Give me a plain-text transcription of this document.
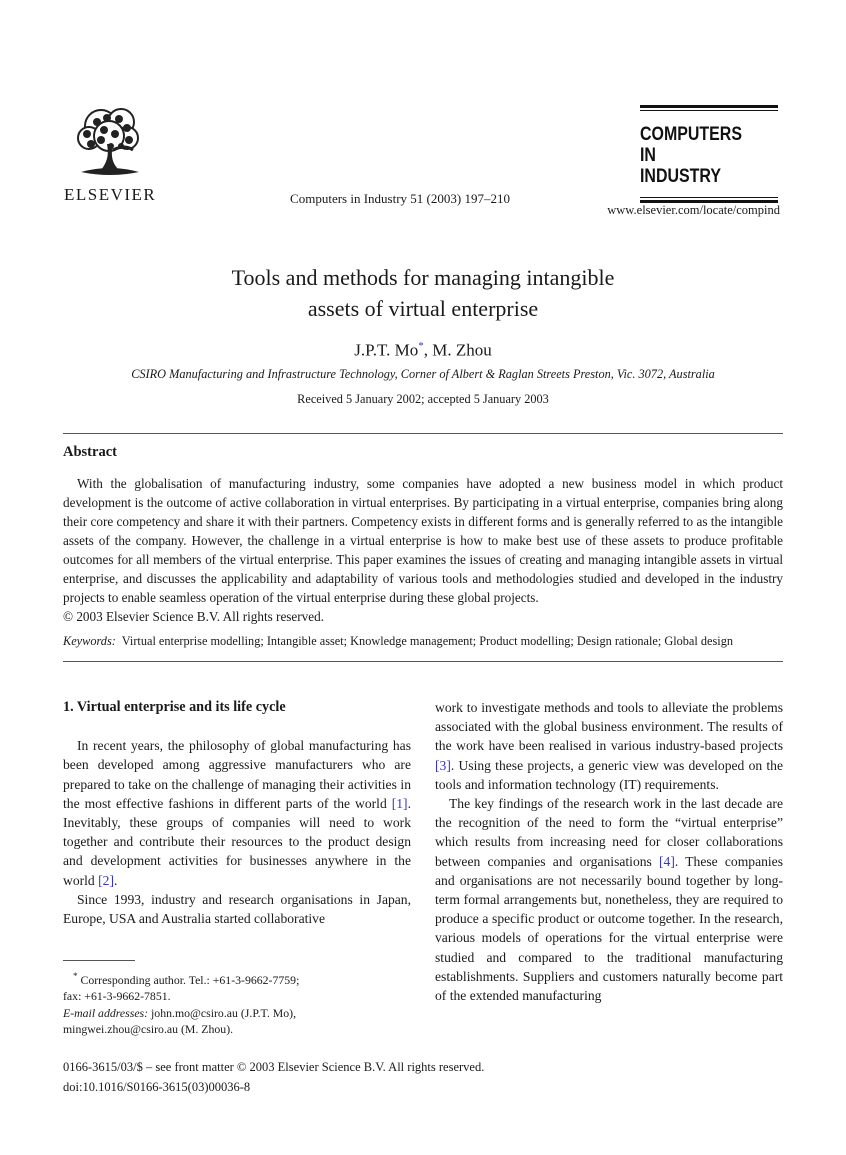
ELSEVIER	Computers in Industry 51 (2003) 197–210
COMPUTERS IN
INDUSTRY
www.elsevier.com/locate/compind
Tools and methods for managing intangible
assets of virtual enterprise
J.P.T. Mo*, M. Zhou
CSIRO Manufacturing and Infrastructure Technology, Corner of Albert & Raglan Streets Preston, Vic. 3072, Australia
Received 5 January 2002; accepted 5 January 2003
Abstract
With the globalisation of manufacturing industry, some companies have adopted a new business model in which product development is the outcome of active collaboration in virtual enterprises. By participating in a virtual enterprise, companies bring along their core competency and share it with their partners. Competency exists in different forms and is generally referred to as the intangible assets of the company. However, the challenge in a virtual enterprise is how to make best use of these assets to produce profitable outcomes for all members of the virtual enterprise. This paper examines the issues of creating and managing intangible assets in virtual enterprise, and discusses the applicability and adaptability of various tools and methodologies studied and developed in the industry projects to enable seamless operation of the virtual enterprise during these global projects.
© 2003 Elsevier Science B.V. All rights reserved.
Keywords: Virtual enterprise modelling; Intangible asset; Knowledge management; Product modelling; Design rationale; Global design
1. Virtual enterprise and its life cycle

In recent years, the philosophy of global manufacturing has been developed among aggressive manufacturers who are prepared to take on the challenge of managing their activities in the most effective fashions in different parts of the world [1]. Inevitably, these groups of companies will need to work together and contribute their resources to the product design and development activities for businesses anywhere in the world [2].

Since 1993, industry and research organisations in Japan, Europe, USA and Australia started collaborative

work to investigate methods and tools to alleviate the problems associated with the global business environment. The results of the work have been realised in various industry-based projects [3]. Using these projects, a generic view was developed on the tools and information technology (IT) requirements.

The key findings of the research work in the last decade are the recognition of the need to form the “virtual enterprise” which results from increasing need for closer collaborations between companies and organisations [4]. These companies and organisations are not necessarily bound together by long-term formal arrangements but, nonetheless, they are required to produce a specific product or outcome together. In the research, various models of operations for the virtual enterprise were studied and compared to the traditional manufacturing establishments. Suppliers and customers naturally become part of the extended manufacturing

* Corresponding author. Tel.: +61-3-9662-7759;
fax: +61-3-9662-7851.
E-mail addresses: john.mo@csiro.au (J.P.T. Mo),
mingwei.zhou@csiro.au (M. Zhou).
0166-3615/03/$ – see front matter © 2003 Elsevier Science B.V. All rights reserved.
doi:10.1016/S0166-3615(03)00036-8
